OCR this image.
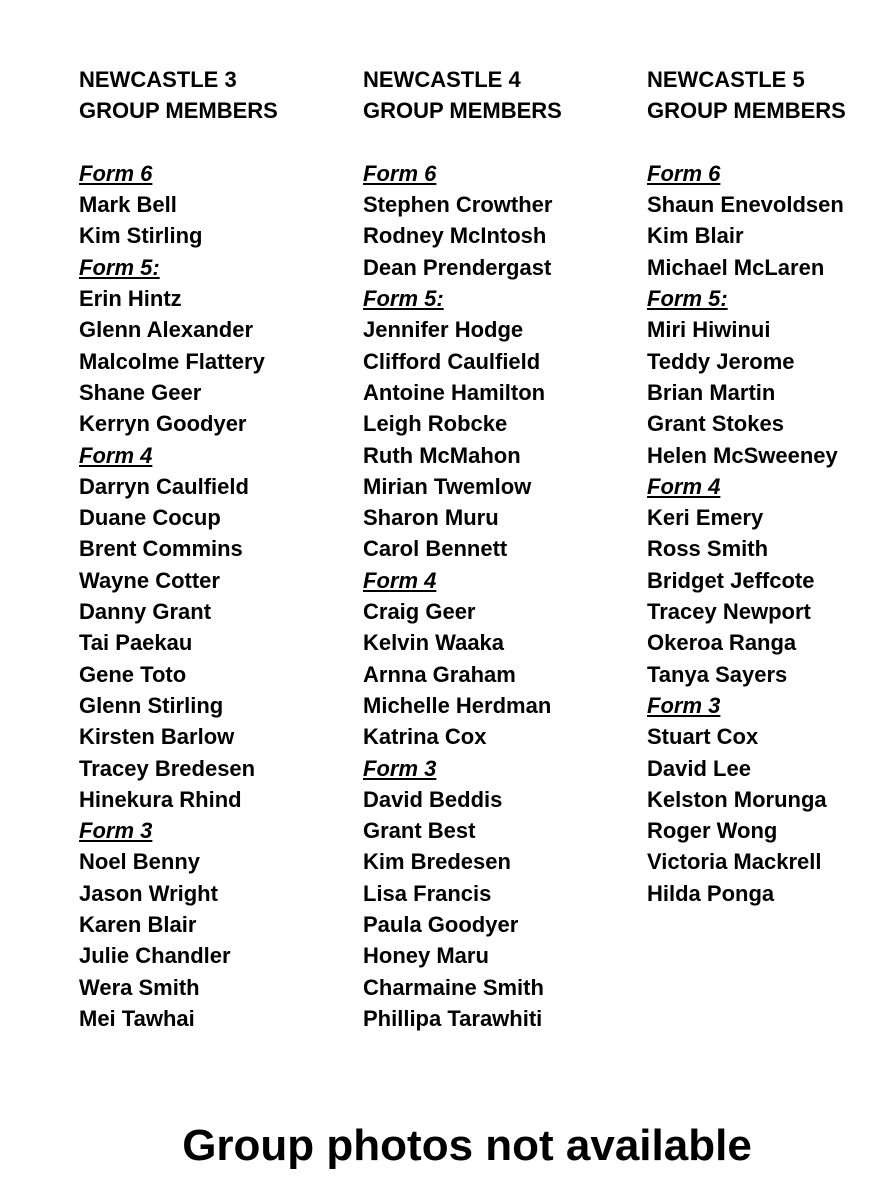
NEWCASTLE 3
GROUP MEMBERS
Form 6
Mark Bell
Kim Stirling
Form 5:
Erin Hintz
Glenn Alexander
Malcolme Flattery
Shane Geer
Kerryn Goodyer
Form 4
Darryn Caulfield
Duane Cocup
Brent Commins
Wayne Cotter
Danny Grant
Tai Paekau
Gene Toto
Glenn Stirling
Kirsten Barlow
Tracey Bredesen
Hinekura Rhind
Form 3
Noel Benny
Jason Wright
Karen Blair
Julie Chandler
Wera Smith
Mei Tawhai
NEWCASTLE 4
GROUP MEMBERS
Form 6
Stephen Crowther
Rodney McIntosh
Dean Prendergast
Form 5:
Jennifer Hodge
Clifford Caulfield
Antoine Hamilton
Leigh Robcke
Ruth McMahon
Mirian Twemlow
Sharon Muru
Carol Bennett
Form 4
Craig Geer
Kelvin Waaka
Arnna Graham
Michelle Herdman
Katrina Cox
Form 3
David Beddis
Grant Best
Kim Bredesen
Lisa Francis
Paula Goodyer
Honey Maru
Charmaine Smith
Phillipa Tarawhiti
NEWCASTLE 5
GROUP MEMBERS
Form 6
Shaun Enevoldsen
Kim Blair
Michael McLaren
Form 5:
Miri Hiwinui
Teddy Jerome
Brian Martin
Grant Stokes
Helen McSweeney
Form 4
Keri Emery
Ross Smith
Bridget Jeffcote
Tracey Newport
Okeroa Ranga
Tanya Sayers
Form 3
Stuart Cox
David Lee
Kelston Morunga
Roger Wong
Victoria Mackrell
Hilda Ponga
Group photos not available
